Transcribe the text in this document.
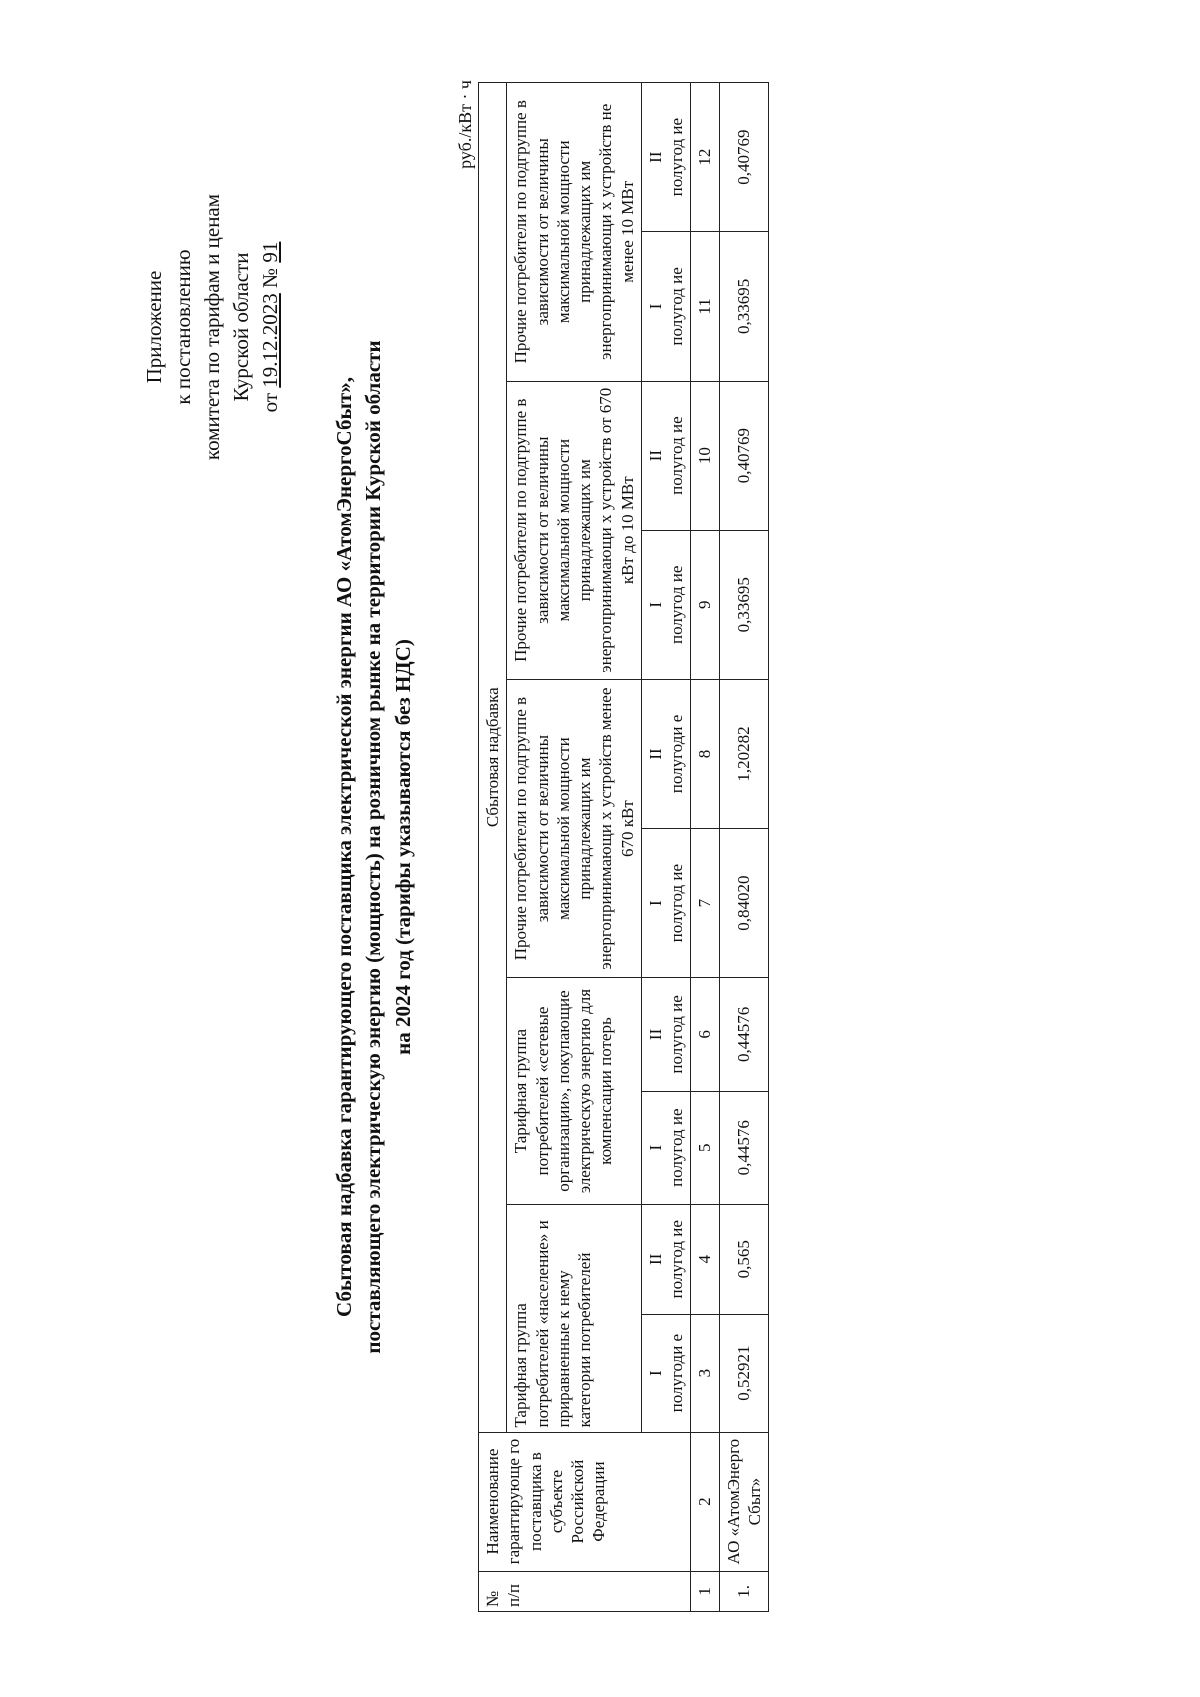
Приложение к постановлению комитета по тарифам и ценам Курской области
от 19.12.2023 № 91
Сбытовая надбавка гарантирующего поставщика электрической энергии АО «АтомЭнергоСбыт», поставляющего электрическую энергию (мощность) на розничном рынке на территории Курской области на 2024 год (тарифы указываются без НДС)
руб./кВт · ч
№ п/п	Наименование гарантирующе го поставщика в субъекте Российской Федерации	Сбытовая надбавка									
		Тарифная группа потребителей «население» и приравненные к нему категории потребителей		Тарифная группа потребителей «сетевые организации», покупающие электрическую энергию для компенсации потерь		Прочие потребители по подгруппе в зависимости от величины максимальной мощности принадлежащих им энергопринимающи х устройств менее 670 кВт		Прочие потребители по подгруппе в зависимости от величины максимальной мощности принадлежащих им энергопринимающи х устройств от 670 кВт до 10 МВт		Прочие потребители по подгруппе в зависимости от величины максимальной мощности принадлежащих им энергопринимающи х устройств не менее 10 МВт	

		I полугоди е	II полугод ие	I полугод ие	II полугод ие	I полугод ие	II полугоди е	I полугод ие	II полугод ие	I полугод ие	II полугод ие

1	2	3	4	5	6	7	8	9	10	11	12
1.	АО «АтомЭнерго Сбыт»	0,52921	0,565	0,44576	0,44576	0,84020	1,20282	0,33695	0,40769	0,33695	0,40769
